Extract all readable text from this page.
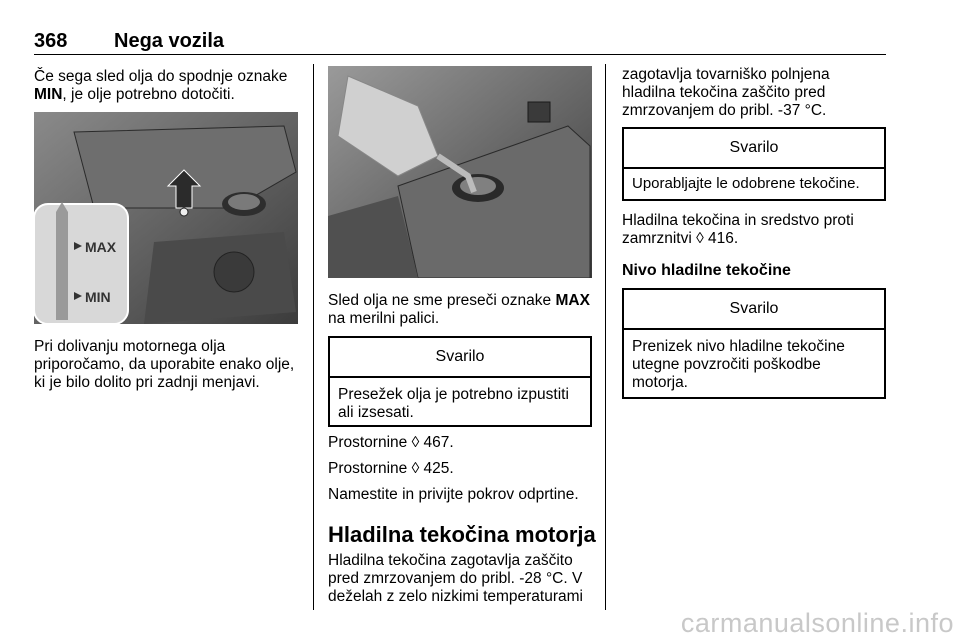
368 Nega vozila

Če sega sled olja do spodnje oznake MIN, je olje potrebno dotočiti.

MAX
MIN

Pri dolivanju motornega olja priporočamo, da uporabite enako olje, ki je bilo dolito pri zadnji menjavi.

Sled olja ne sme preseči oznake MAX na merilni palici.

Svarilo
Presežek olja je potrebno izpustiti ali izsesati.

Prostornine ◊ 467.

Prostornine ◊ 425.

Namestite in privijte pokrov odprtine.

Hladilna tekočina motorja

Hladilna tekočina zagotavlja zaščito pred zmrzovanjem do pribl. -28 °C. V deželah z zelo nizkimi temperaturami

zagotavlja tovarniško polnjena hladilna tekočina zaščito pred zmrzovanjem do pribl. -37 °C.

Svarilo
Uporabljajte le odobrene tekočine.

Hladilna tekočina in sredstvo proti zamrznitvi ◊ 416.

Nivo hladilne tekočine
Svarilo
Prenizek nivo hladilne tekočine utegne povzročiti poškodbe motorja.
carmanualsonline.info
